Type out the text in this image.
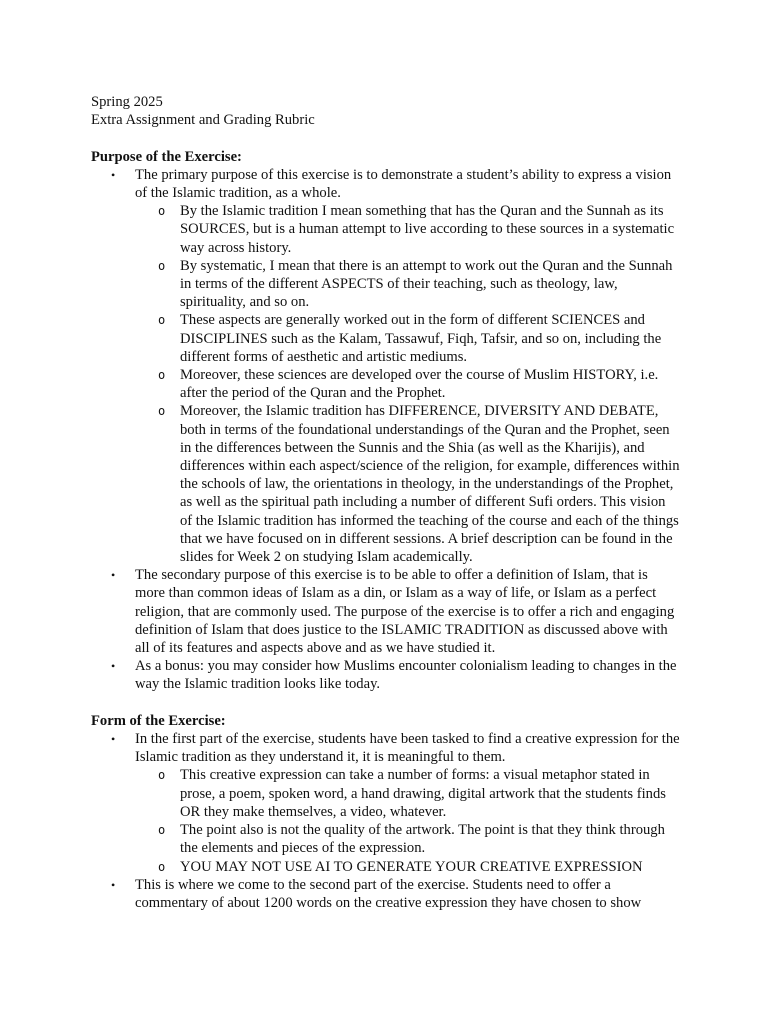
Spring 2025

Extra Assignment and Grading Rubric

Purpose of the Exercise:

• The primary purpose of this exercise is to demonstrate a student’s ability to express a vision of the Islamic tradition, as a whole.
o By the Islamic tradition I mean something that has the Quran and the Sunnah as its SOURCES, but is a human attempt to live according to these sources in a systematic way across history.
o By systematic, I mean that there is an attempt to work out the Quran and the Sunnah in terms of the different ASPECTS of their teaching, such as theology, law, spirituality, and so on.
o These aspects are generally worked out in the form of different SCIENCES and DISCIPLINES such as the Kalam, Tassawuf, Fiqh, Tafsir, and so on, including the different forms of aesthetic and artistic mediums.
o Moreover, these sciences are developed over the course of Muslim HISTORY, i.e. after the period of the Quran and the Prophet.
o Moreover, the Islamic tradition has DIFFERENCE, DIVERSITY AND DEBATE, both in terms of the foundational understandings of the Quran and the Prophet, seen in the differences between the Sunnis and the Shia (as well as the Kharijis), and differences within each aspect/science of the religion, for example, differences within the schools of law, the orientations in theology, in the understandings of the Prophet, as well as the spiritual path including a number of different Sufi orders. This vision of the Islamic tradition has informed the teaching of the course and each of the things that we have focused on in different sessions. A brief description can be found in the slides for Week 2 on studying Islam academically.
• The secondary purpose of this exercise is to be able to offer a definition of Islam, that is more than common ideas of Islam as a din, or Islam as a way of life, or Islam as a perfect religion, that are commonly used. The purpose of the exercise is to offer a rich and engaging definition of Islam that does justice to the ISLAMIC TRADITION as discussed above with all of its features and aspects above and as we have studied it.
• As a bonus: you may consider how Muslims encounter colonialism leading to changes in the way the Islamic tradition looks like today.

Form of the Exercise:

• In the first part of the exercise, students have been tasked to find a creative expression for the Islamic tradition as they understand it, it is meaningful to them.
o This creative expression can take a number of forms: a visual metaphor stated in prose, a poem, spoken word, a hand drawing, digital artwork that the students finds OR they make themselves, a video, whatever.
o The point also is not the quality of the artwork. The point is that they think through the elements and pieces of the expression.
o YOU MAY NOT USE AI TO GENERATE YOUR CREATIVE EXPRESSION
• This is where we come to the second part of the exercise. Students need to offer a commentary of about 1200 words on the creative expression they have chosen to show
